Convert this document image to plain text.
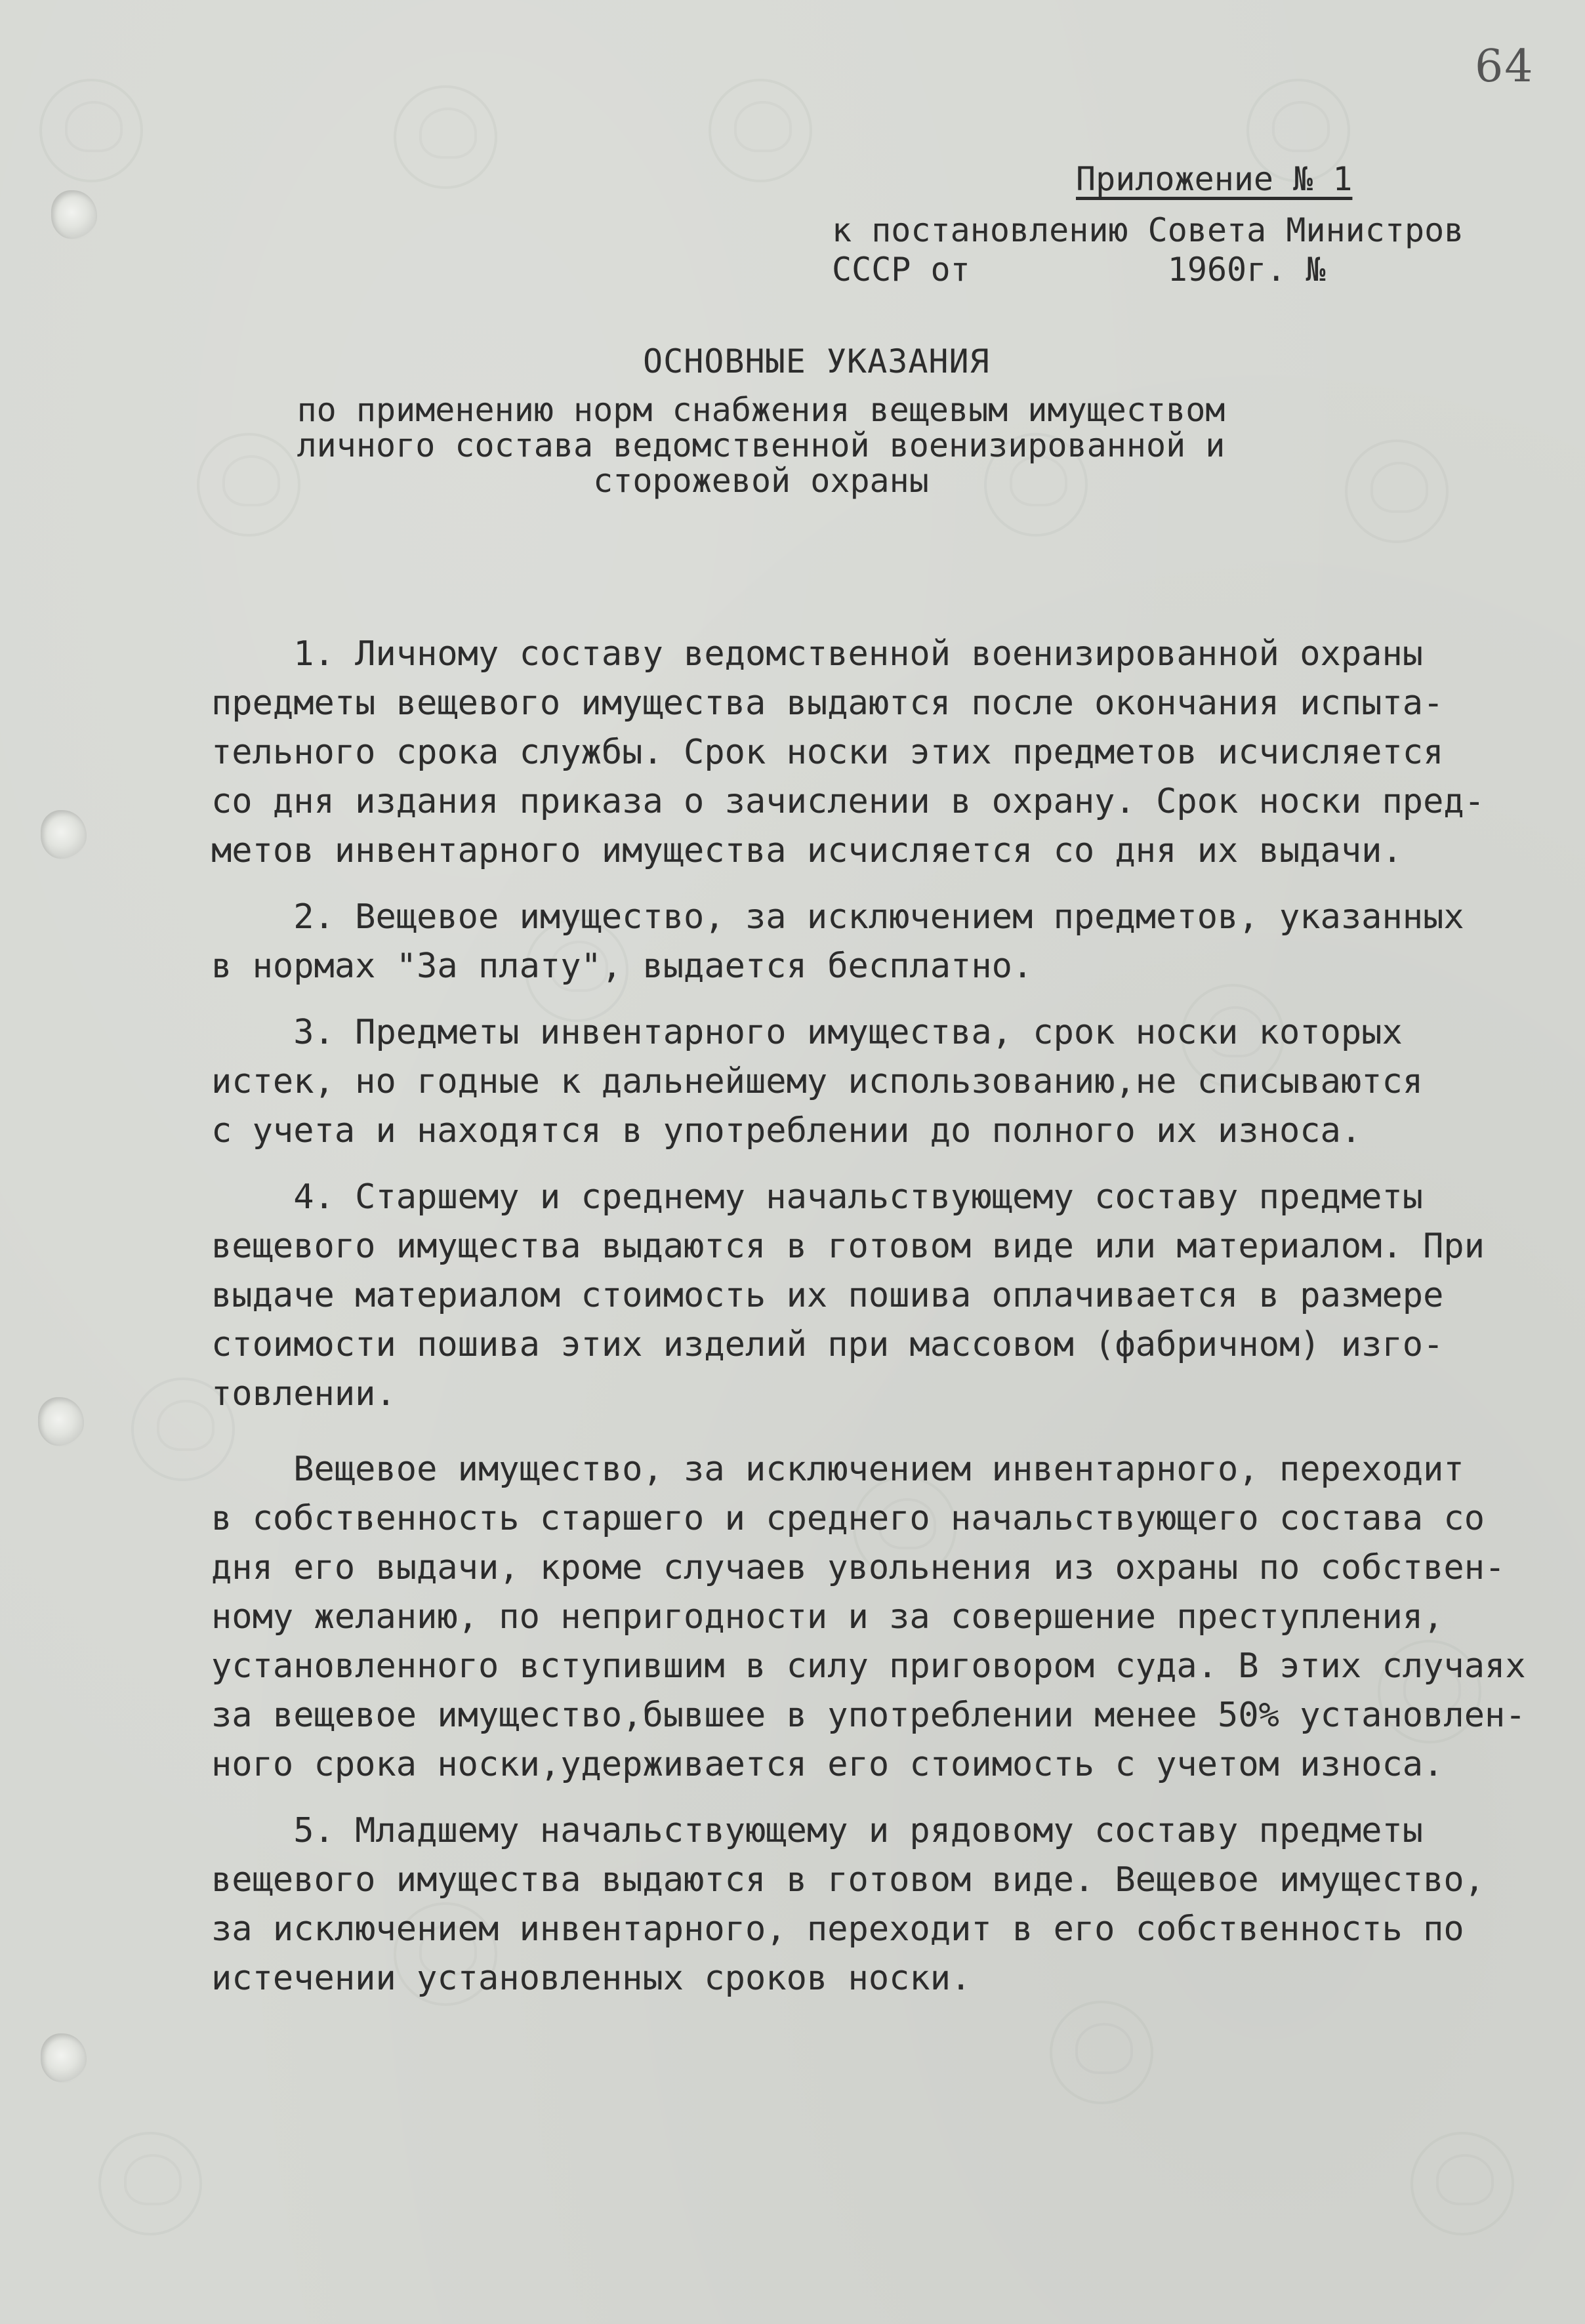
64
Приложение № 1
к постановлению Совета Министров
СССР от          1960г. №
ОСНОВНЫЕ УКАЗАНИЯ
по применению норм снабжения вещевым имуществом
личного состава ведомственной военизированной и
сторожевой охраны
1. Личному составу ведомственной военизированной охраны
предметы вещевого имущества выдаются после окончания испыта-
тельного срока службы. Срок носки этих предметов исчисляется
со дня издания приказа о зачислении в охрану. Срок носки пред-
метов инвентарного имущества исчисляется со дня их выдачи.
2. Вещевое имущество, за исключением предметов, указанных
в нормах "За плату", выдается бесплатно.
3. Предметы инвентарного имущества, срок носки которых
истек, но годные к дальнейшему использованию,не списываются
с учета и находятся в употреблении до полного их износа.
4. Старшему и среднему начальствующему составу предметы
вещевого имущества выдаются в готовом виде или материалом. При
выдаче материалом стоимость их пошива оплачивается в размере
стоимости пошива этих изделий при массовом (фабричном) изго-
товлении.
Вещевое имущество, за исключением инвентарного, переходит
в собственность старшего и среднего начальствующего состава со
дня его выдачи, кроме случаев увольнения из охраны по собствен-
ному желанию, по непригодности и за совершение преступления,
установленного вступившим в силу приговором суда. В этих случаях
за вещевое имущество,бывшее в употреблении менее 50% установлен-
ного срока носки,удерживается его стоимость с учетом износа.
5. Младшему начальствующему и рядовому составу предметы
вещевого имущества выдаются в готовом виде. Вещевое имущество,
за исключением инвентарного, переходит в его собственность по
истечении установленных сроков носки.
